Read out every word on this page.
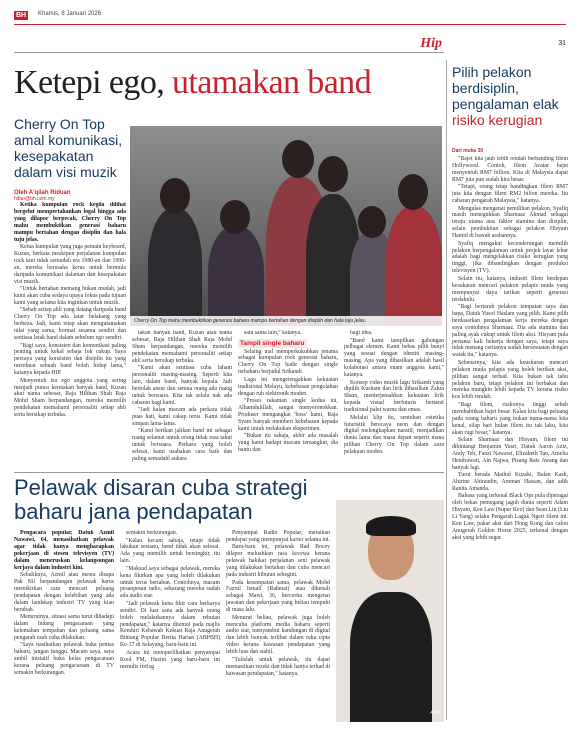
BH	Khamis, 8 Januari 2026
Hip	31
Ketepi ego, utamakan band
Cherry On Top amal komunikasi, kesepakatan dalam visi muzik
Oleh A'qilah Riduan
hibur@bh.com.my
Cherry On Top mahu membuktikan generasi baharu mampu bertahan dengan disiplin dan hala tuju jelas.

Ketika kumpulan rock kegila dilihat bergelut mempertahankan logal hingga ada yang dilapor berpecah, Cherry On Top mahu membuktikan generasi baharu mampu bertahan dengan disiplin dan hala tuju jelas.

Ketua kumpulan yang juga pemain keyboard, Kuzan, berkata meskipun perjalanan kumpulan rock kini tidak semudah era 1980-an dan 1990-an, mereka berusaha keras untuk bermula daripada komunikasi dalaman dan kesepakatan visi muzik.

"Untuk bertahan memang bukan mudah, jadi kami akan cuba sedaya upaya fokus pada tujuan kami yang selama kita inginkan untuk muzik.

"Sebab setiap ahli yang datang daripada band Cherry On Top ada latar belakang yang berbeza. Jadi, kami tetap akan mengutamakan nilai yang sama, hormat sesama sendiri dan sentiasa letak band dalam sebelum ego sendiri.

"Bagi saya, konsisten dan komunikasi paling penting untuk kekal sebaja fok cukup. Saya percaya yang konsisten dan disiplin itu yang membuat sebuah band boleh hidup lama," katanya kepada HIP.

Menyentuh isu ego anggota yang sering menjadi punca keretakan banyak band, Kuzan akui nama sebesar, Raja Hilthan Shah Raja Mohd Sham berpandangan, mereka memilih pendekatan memahami personaliti setiap ahli serta bersikap terbuka.

takan banyak band, Kuzan atau nama sebesar, Raja Hilthan Shah Raja Mohd Sham berpandangan, mereka memilih pendekatan memahami personaliti setiap ahli serta bersikap terbuka.

"Kami akan sentiasa cuba faham personaliti masing-masing. Seperti kita lain, dalam band, banyak kepala. Jadi bertolak ansur dan semua orang ada ruang untuk bersuara. Kita tak selalu nak ada cabaran bagi kami.

"Jadi kalau macam ada perkara tidak puas hati, kami cakap terus. Kami tidak simpan lama-lama.

"Kami berikan jalikan band ini sebagai ruang selamat untuk orang tidak rasa takut untuk bersuara. Perkara yang boleh selesai, kami usahakan cara baik dan paling semadahl aukara

satu sama lain," katanya.

Tampil single baharu

Selaing mal memperkukuhkan jenama sebagai kumpulan rock generasi baharu, Cherry On Top hadir dengan single terbaharu berjudul Srikandi.

Lagu ini mengetengahkan kekuatan tradisional Melayu, kebebasan pengolahan dengan ruh elektronik moden.

"Proses rakaman single kedua ini, Alhamdulillah, sangat menyeronokkan. Produser mengangkat 'boss' kami, Raja Syam banyak memberi kebebasan kepada kami untuk melakukan eksperimen.

"Bukan itu sahaja, akhir ada masalah yang kami hadapi macam tersangkut, dia bantu dan

bagi idea.

"Band kami tampilkan gabungan pelbagai elemen. Kami bebas pilih bunyi yang sesuai dengan identiti masing-masing. Apa yang dihasilkan adalah hasil kolaborasi antara enam anggota kami," katanya.

Konsep video muzik lagu Srikandi yang dipilih Kusham dan lirik dihasilkan Zahra Sham, menterjemahkan kekuatan lirik kepada visual berfuturis bertaraf tradisional palet warna dan emas.

Melalui klip itu, sentuhan estetika futuristik berecaya neon dan dengan digital melengkapkan naratif, menjadikan dunia lama dan masa depan seperti mana pilihan Cherry On Top dalam aura pelakuan moden.

Pilih pelakon berdisiplin, pengalaman elak risiko kerugian
Dari muka 30

"Bajet kita jauh lebih rendah berbanding filem Hollywood. Contoh, filem Avatar bajet menyentuh RM7 billion. Kita di Malaysia dapat RM7 juta pun sudah kira besar.

"Tetapi, orang tetap bandingkan filem RM7 juta kita dengan filem RM2 bilion mereka. Itu cabaran pengarah Malaysia," katanya.

Mengulas mengenai pemilihan pelakon, Syafiq masih meneguhkan Sharnaaz Ahmad sebagai teraju utama atas faktor stamina dan disiplin, selain pembuktian sebagai pelakon Hisyam Hamid di bawah arahannya.

Syafiq mengakui kecenderungan memilih pelakon berpengalaman untuk projek layar lebar adalah bagi mengelakkan risiko kerugian yang tinggi, jika dibandingkan dengan produksi televisyen (TV).

Selain itu, katanya, industri filem berdepan kesukaran mencari pelakon pelapis muda yang mempunyai daya tarikan seperti generasi terdahulu.

"Bagi bertaruh pelakon tempatan saya dan bapa, Datuk Yusof Haslam yang pilih. Kami pilih berdasarkan pengalaman kerja mereka dengan saya contohnya Sharnaaz. Dia ada stamina dan paling ayak cukup untuk filem aksi. Hisyam pula pertama kali bekerja dengan saya, tetapi saya tidak menang ceritanya sudah bersesuaian dengan watak itu," katanya.

Sebenarnya, kita ada keuskuran mencari pelakon muda pelapis yang boleh berikan aksi, pilihan sangat terhad. Kita bukan tak tahu pelakon baru, tetapi pelakon ini berbakat dan mereka mungkin lebih kepada TV kerana risiko kos lebih rendah.

"Bagi filem, risikonya tinggi sebab membabitkan bajet besar. Kalau kita bagi peluang pada orang baharu yang bukan nama-nama kita kenal, silap hari bulan filem itu tak laku, kita akan rugi besar," katanya.

Selain Sharnaaz dan Hisyam, filem ini dibintangi Benjamin Yusri, Datuk Aaron Aziz, Andy Teh, Fauzi Nawawi, Elizabeth Tan, Amelia Hendrawati, Ain Najwa, Pisang Rais Awang dan banyak lagi.

Turut berada Mathul Kuzaki, Balan Kash, Ahirine Ahiraudin, Amman Hassan, dan adik Ranita Amanda.

Bahasa yang terkenal Black Ops pula diperagai oleh bekas pemegang jaguh dunia seperti Adam Hisyam, Ken Law (Super Keo) dan Sean Lin (Liu Li Yang) selaku Pengarah Lagak Ngeri filem ini. Ken Law, pakar aksi dari Hong Kong dan calon Anugerah Golden Horse 2025, terkenal dengan aksi yang lebih segar.

Pelawak disaran cuba strategi baharu jana pendapatan

Pengacara popular, Datuk Azmil Nawawi, 64, menasihatkan pelawak agar tidak hanya mengharapkan pekerjaan di stesen televisyen (TV) dalam meneruskan kelangsungan kerjaya dalam industri kini.

Sebaliknya, Azmil atau mesra disapa Pak Nil berpandangan pelawak harus memikirkan cara mencari peluang pendapatan dengan kelebihan yang ada dalam landskap industri TV yang kian berubah.

Menurutnya, situasi sama turut dihadapi dalam bidang pengacaraan yang kelemahan tempahan dan peluang sama pengarah usah cuba dilakukan.

"Saya nasihatkan pelawak buka pentas baharu, jangan tunggu. Macam saya, saya ambil inisiatif buka kelas pengacaraan kerana peluang pengacaraan di TV semakin berkurangan.

semakin berkurangan.

"Kalau kecam sahaja, tetapi tidak lakukan sesuatu, bend tidak akan selesai. Ada yang memilih untuk bersingkir, itu lain.

"Maksud saya sebagai pelawak, mereka kena fikirkan apa yang boleh dilakukan untuk terus bertahan. Contohnya, macam pesanpesan radio, sekarang mereka sudah ada audio siar.

"Jadi pelawak kena fikir cara berkarya sendiri. Di luar sana ada banyak orang boleh melakukannya dalam rebutan pendapatan," katanya ditemui pada majlis Kenduri Kebawah Kekuat Raja Anugerah Bintang Popular Berita Harian (ABPBH) Ke-37 di Selayang, baru-baru ini.

Acara ini memperlihatkan penyampai Kool FM, Hazim yang baru-baru ini menulis rtrtfsg

Penyampai Radio Popular, meraikan pendapat yang mempunyai karier selama ini.

Baru-baru ini, pelawak Rad Bocey dilapor meluahkan rasa kecewa kerana pelawak hakikat perjalanan seni pelawak yang dilakukan bertahan dan cuba mencari pada industri hiburan sebegini.

Pada kesempatan sama, pelawak Mohd Fazrul Ismail (Rahmat) atau dikenali sebagai Mawi, 36, bercerita mengenai jawatan dan pekerjaan yang beliau tempuhi di masa lalu.

Menurut beliau, pelawak juga boleh mencuba platform media baharu seperti audio siar, menyambut kandungan di digital dan lebih banyak terlibat dalam reka cipta video kerana kawasan pendapatan yang lebih luas dan stabil.

"Tulislah untuk pelawak, itu dapat memastikan rezeki dan tidak hanya terhad di kawasan pendapatan," katanya.

Azril
